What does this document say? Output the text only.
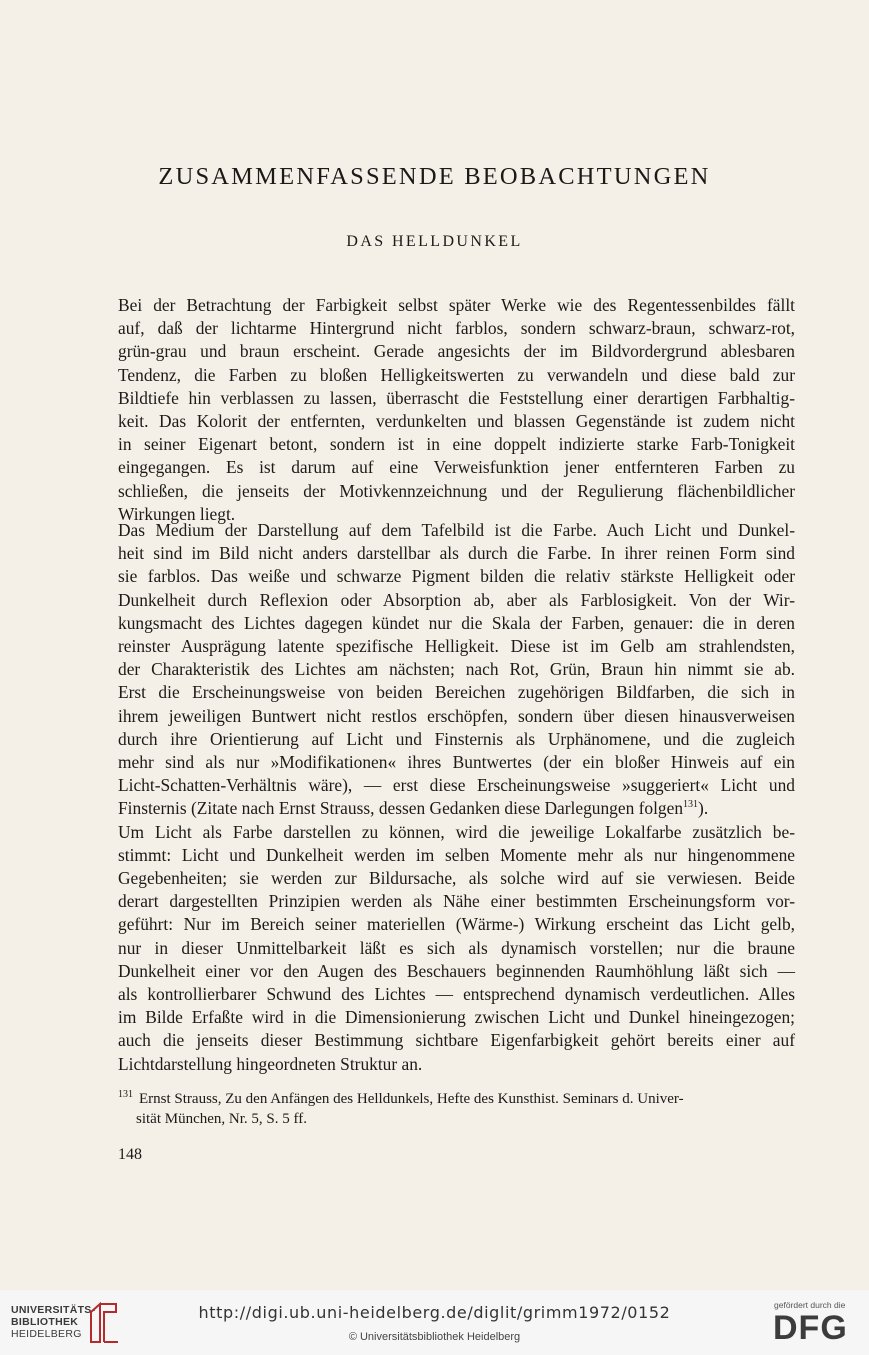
ZUSAMMENFASSENDE BEOBACHTUNGEN
DAS HELLDUNKEL

Bei der Betrachtung der Farbigkeit selbst später Werke wie des Regentessenbildes fällt
auf, daß der lichtarme Hintergrund nicht farblos, sondern schwarz-braun, schwarz-rot,
grün-grau und braun erscheint. Gerade angesichts der im Bildvordergrund ablesbaren
Tendenz, die Farben zu bloßen Helligkeitswerten zu verwandeln und diese bald zur
Bildtiefe hin verblassen zu lassen, überrascht die Feststellung einer derartigen Farbhaltig-
keit. Das Kolorit der entfernten, verdunkelten und blassen Gegenstände ist zudem nicht
in seiner Eigenart betont, sondern ist in eine doppelt indizierte starke Farb-Tonigkeit
eingegangen. Es ist darum auf eine Verweisfunktion jener entfernteren Farben zu
schließen, die jenseits der Motivkennzeichnung und der Regulierung flächenbildlicher
Wirkungen liegt.

Das Medium der Darstellung auf dem Tafelbild ist die Farbe. Auch Licht und Dunkel-
heit sind im Bild nicht anders darstellbar als durch die Farbe. In ihrer reinen Form sind
sie farblos. Das weiße und schwarze Pigment bilden die relativ stärkste Helligkeit oder
Dunkelheit durch Reflexion oder Absorption ab, aber als Farblosigkeit. Von der Wir-
kungsmacht des Lichtes dagegen kündet nur die Skala der Farben, genauer: die in deren
reinster Ausprägung latente spezifische Helligkeit. Diese ist im Gelb am strahlendsten,
der Charakteristik des Lichtes am nächsten; nach Rot, Grün, Braun hin nimmt sie ab.
Erst die Erscheinungsweise von beiden Bereichen zugehörigen Bildfarben, die sich in
ihrem jeweiligen Buntwert nicht restlos erschöpfen, sondern über diesen hinausverweisen
durch ihre Orientierung auf Licht und Finsternis als Urphänomene, und die zugleich
mehr sind als nur »Modifikationen« ihres Buntwertes (der ein bloßer Hinweis auf ein
Licht-Schatten-Verhältnis wäre), — erst diese Erscheinungsweise »suggeriert« Licht und
Finsternis (Zitate nach Ernst Strauss, dessen Gedanken diese Darlegungen folgen$^{131}$).
Um Licht als Farbe darstellen zu können, wird die jeweilige Lokalfarbe zusätzlich be-
stimmt: Licht und Dunkelheit werden im selben Momente mehr als nur hingenommene
Gegebenheiten; sie werden zur Bildursache, als solche wird auf sie verwiesen. Beide
derart dargestellten Prinzipien werden als Nähe einer bestimmten Erscheinungsform vor-
geführt: Nur im Bereich seiner materiellen (Wärme-) Wirkung erscheint das Licht gelb,
nur in dieser Unmittelbarkeit läßt es sich als dynamisch vorstellen; nur die braune
Dunkelheit einer vor den Augen des Beschauers beginnenden Raumhöhlung läßt sich —
als kontrollierbarer Schwund des Lichtes — entsprechend dynamisch verdeutlichen. Alles
im Bilde Erfaßte wird in die Dimensionierung zwischen Licht und Dunkel hineingezogen;
auch die jenseits dieser Bestimmung sichtbare Eigenfarbigkeit gehört bereits einer auf
Lichtdarstellung hingeordneten Struktur an.

$^{131}$ Ernst Strauss, Zu den Anfängen des Helldunkels, Hefte des Kunsthist. Seminars d. Univer-
sität München, Nr. 5, S. 5 ff.
148
UNIVERSITÄTS-
BIBLIOTHEK
HEIDELBERG
http://digi.ub.uni-heidelberg.de/diglit/grimm1972/0152
© Universitätsbibliothek Heidelberg
gefördert durch die
DFG
